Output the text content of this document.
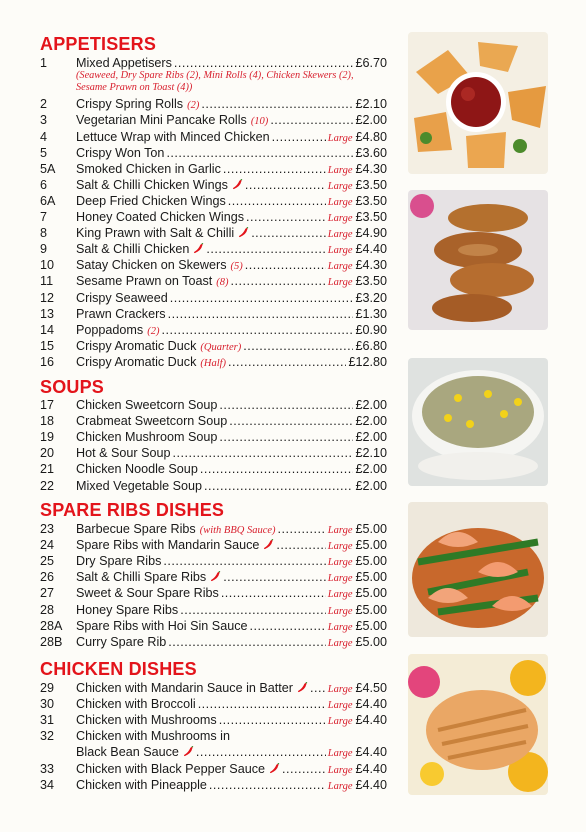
APPETISERS
1 Mixed Appetisers .....	£6.70
(Seaweed, Dry Spare Ribs (2), Mini Rolls (4), Chicken Skewers (2),
Sesame Prawn on Toast (4))
2 Crispy Spring Rolls (2) .....	£2.10
3 Vegetarian Mini Pancake Rolls (10) .....	£2.00
4 Lettuce Wrap with Minced Chicken .....	Large £4.80
5 Crispy Won Ton .....	£3.60
5A Smoked Chicken in Garlic .....	Large £4.30
6 Salt & Chilli Chicken Wings .....	Large £3.50
6A Deep Fried Chicken Wings .....	Large £3.50
7 Honey Coated Chicken Wings .....	Large £3.50
8 King Prawn with Salt & Chilli .....	Large £4.90
9 Salt & Chilli Chicken .....	Large £4.40
10 Satay Chicken on Skewers (5) .....	Large £4.30
11 Sesame Prawn on Toast (8) .....	Large £3.50
12 Crispy Seaweed .....	£3.20
13 Prawn Crackers .....	£1.30
14 Poppadoms (2) .....	£0.90
15 Crispy Aromatic Duck (Quarter) .....	£6.80
16 Crispy Aromatic Duck (Half) .....	£12.80
SOUPS
17 Chicken Sweetcorn Soup .....	£2.00
18 Crabmeat Sweetcorn Soup .....	£2.00
19 Chicken Mushroom Soup .....	£2.00
20 Hot & Sour Soup .....	£2.10
21 Chicken Noodle Soup .....	£2.00
22 Mixed Vegetable Soup .....	£2.00
SPARE RIBS DISHES
23 Barbecue Spare Ribs (with BBQ Sauce) .....	Large £5.00
24 Spare Ribs with Mandarin Sauce .....	Large £5.00
25 Dry Spare Ribs .....	Large £5.00
26 Salt & Chilli Spare Ribs .....	Large £5.00
27 Sweet & Sour Spare Ribs .....	Large £5.00
28 Honey Spare Ribs .....	Large £5.00
28A Spare Ribs with Hoi Sin Sauce .....	Large £5.00
28B Curry Spare Rib .....	Large £5.00
CHICKEN DISHES
29 Chicken with Mandarin Sauce in Batter .....	Large £4.50
30 Chicken with Broccoli .....	Large £4.40
31 Chicken with Mushrooms .....	Large £4.40
32 Chicken with Mushrooms in
Black Bean Sauce .....	Large £4.40
33 Chicken with Black Pepper Sauce .....	Large £4.40
34 Chicken with Pineapple .....	Large £4.40
